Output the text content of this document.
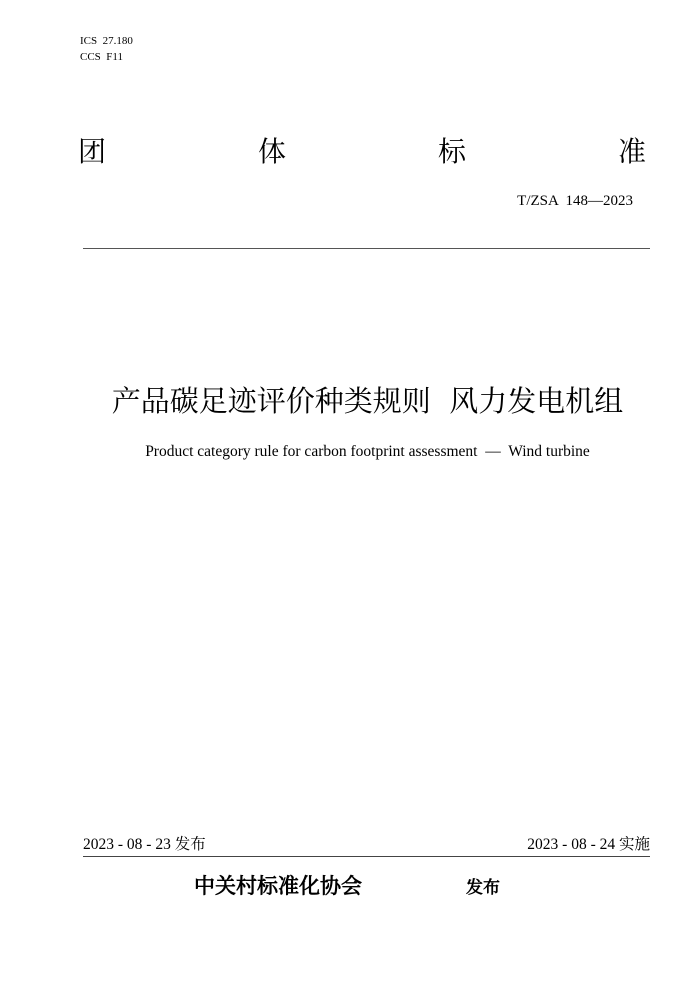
ICS  27.180
CCS  F11
团	体	标	准
T/ZSA  148—2023
产品碳足迹评价种类规则  风力发电机组
Product category rule for carbon footprint assessment  —  Wind turbine
2023 - 08 - 23 发布	2023 - 08 - 24 实施
中关村标准化协会	发布
